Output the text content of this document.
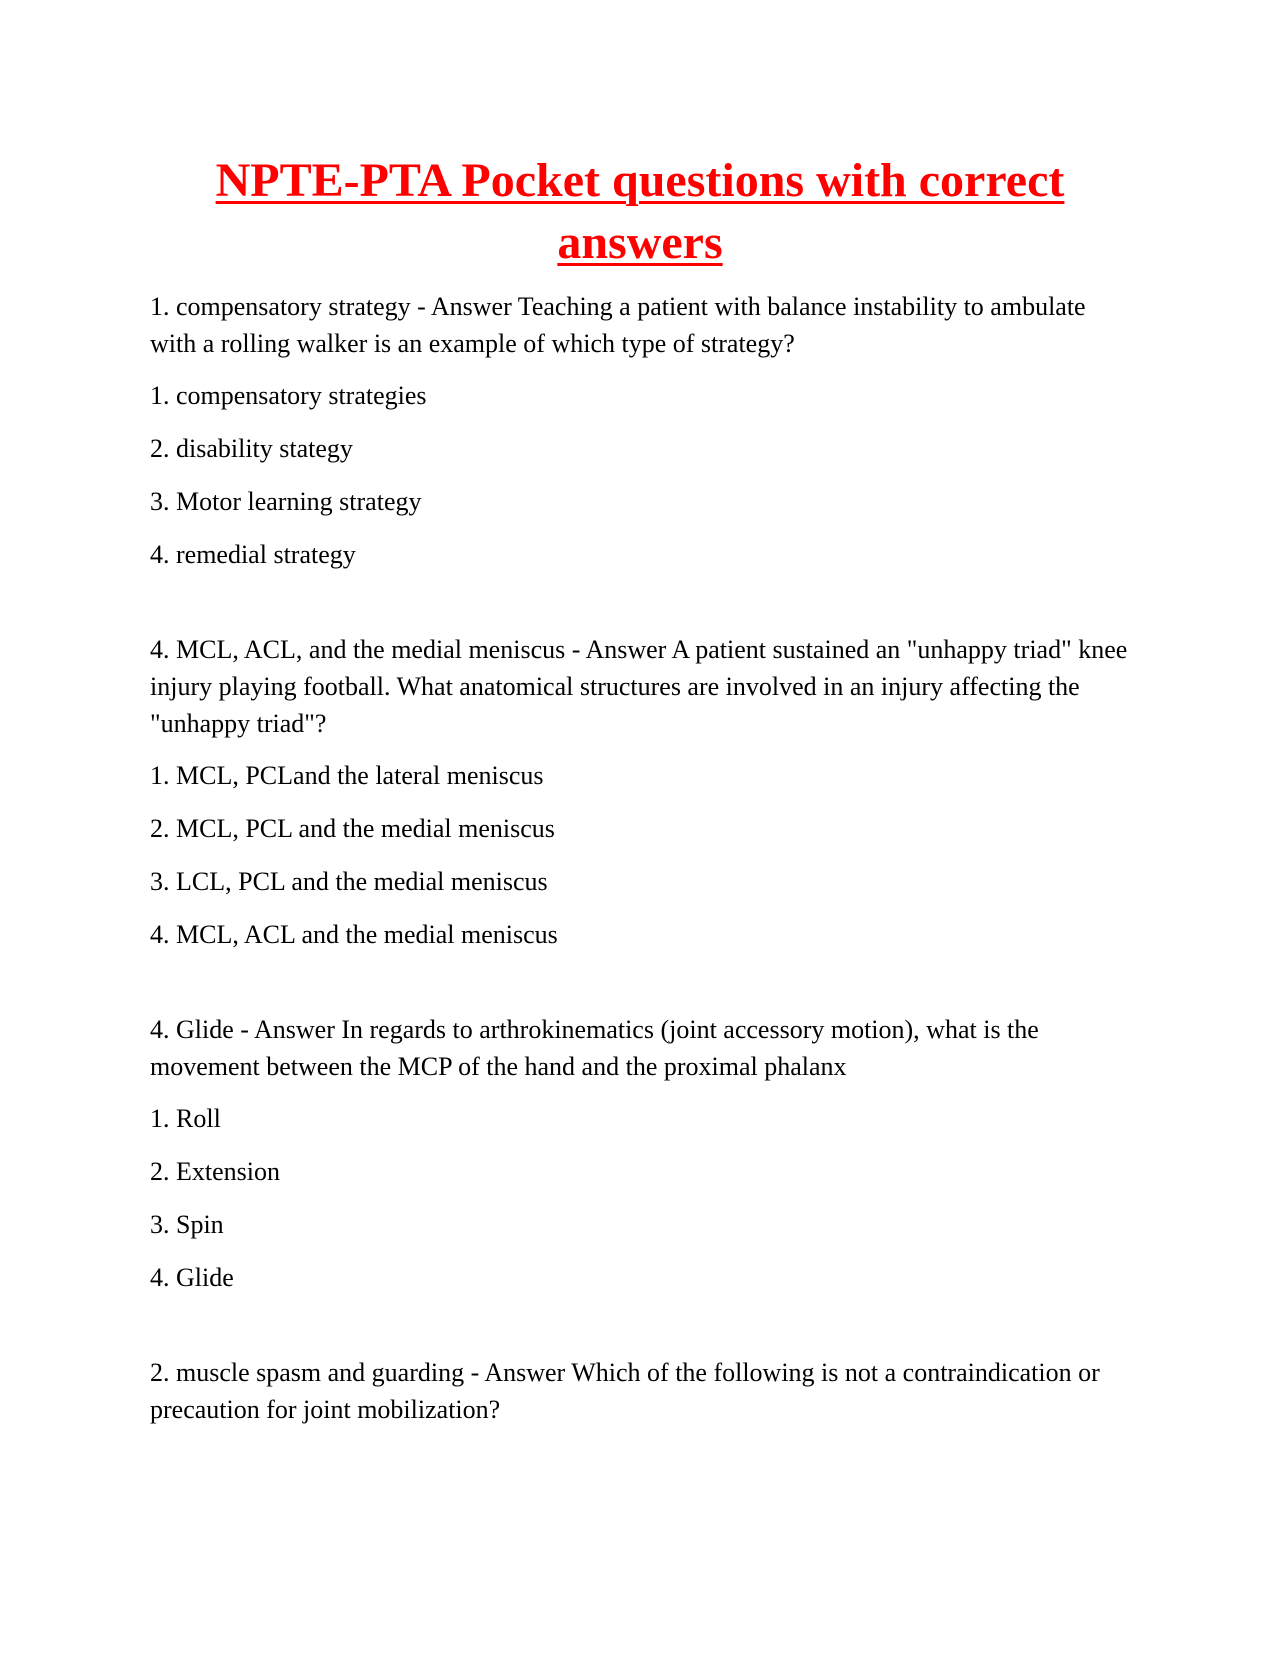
NPTE-PTA Pocket questions with correct answers

1. compensatory strategy - Answer Teaching a patient with balance instability to ambulate with a rolling walker is an example of which type of strategy?

1. compensatory strategies
2. disability stategy
3. Motor learning strategy
4. remedial strategy

4. MCL, ACL, and the medial meniscus - Answer A patient sustained an "unhappy triad" knee injury playing football. What anatomical structures are involved in an injury affecting the "unhappy triad"?

1. MCL, PCLand the lateral meniscus
2. MCL, PCL and the medial meniscus
3. LCL, PCL and the medial meniscus
4. MCL, ACL and the medial meniscus

4. Glide - Answer In regards to arthrokinematics (joint accessory motion), what is the movement between the MCP of the hand and the proximal phalanx

1. Roll
2. Extension
3. Spin
4. Glide

2. muscle spasm and guarding - Answer Which of the following is not a contraindication or precaution for joint mobilization?
